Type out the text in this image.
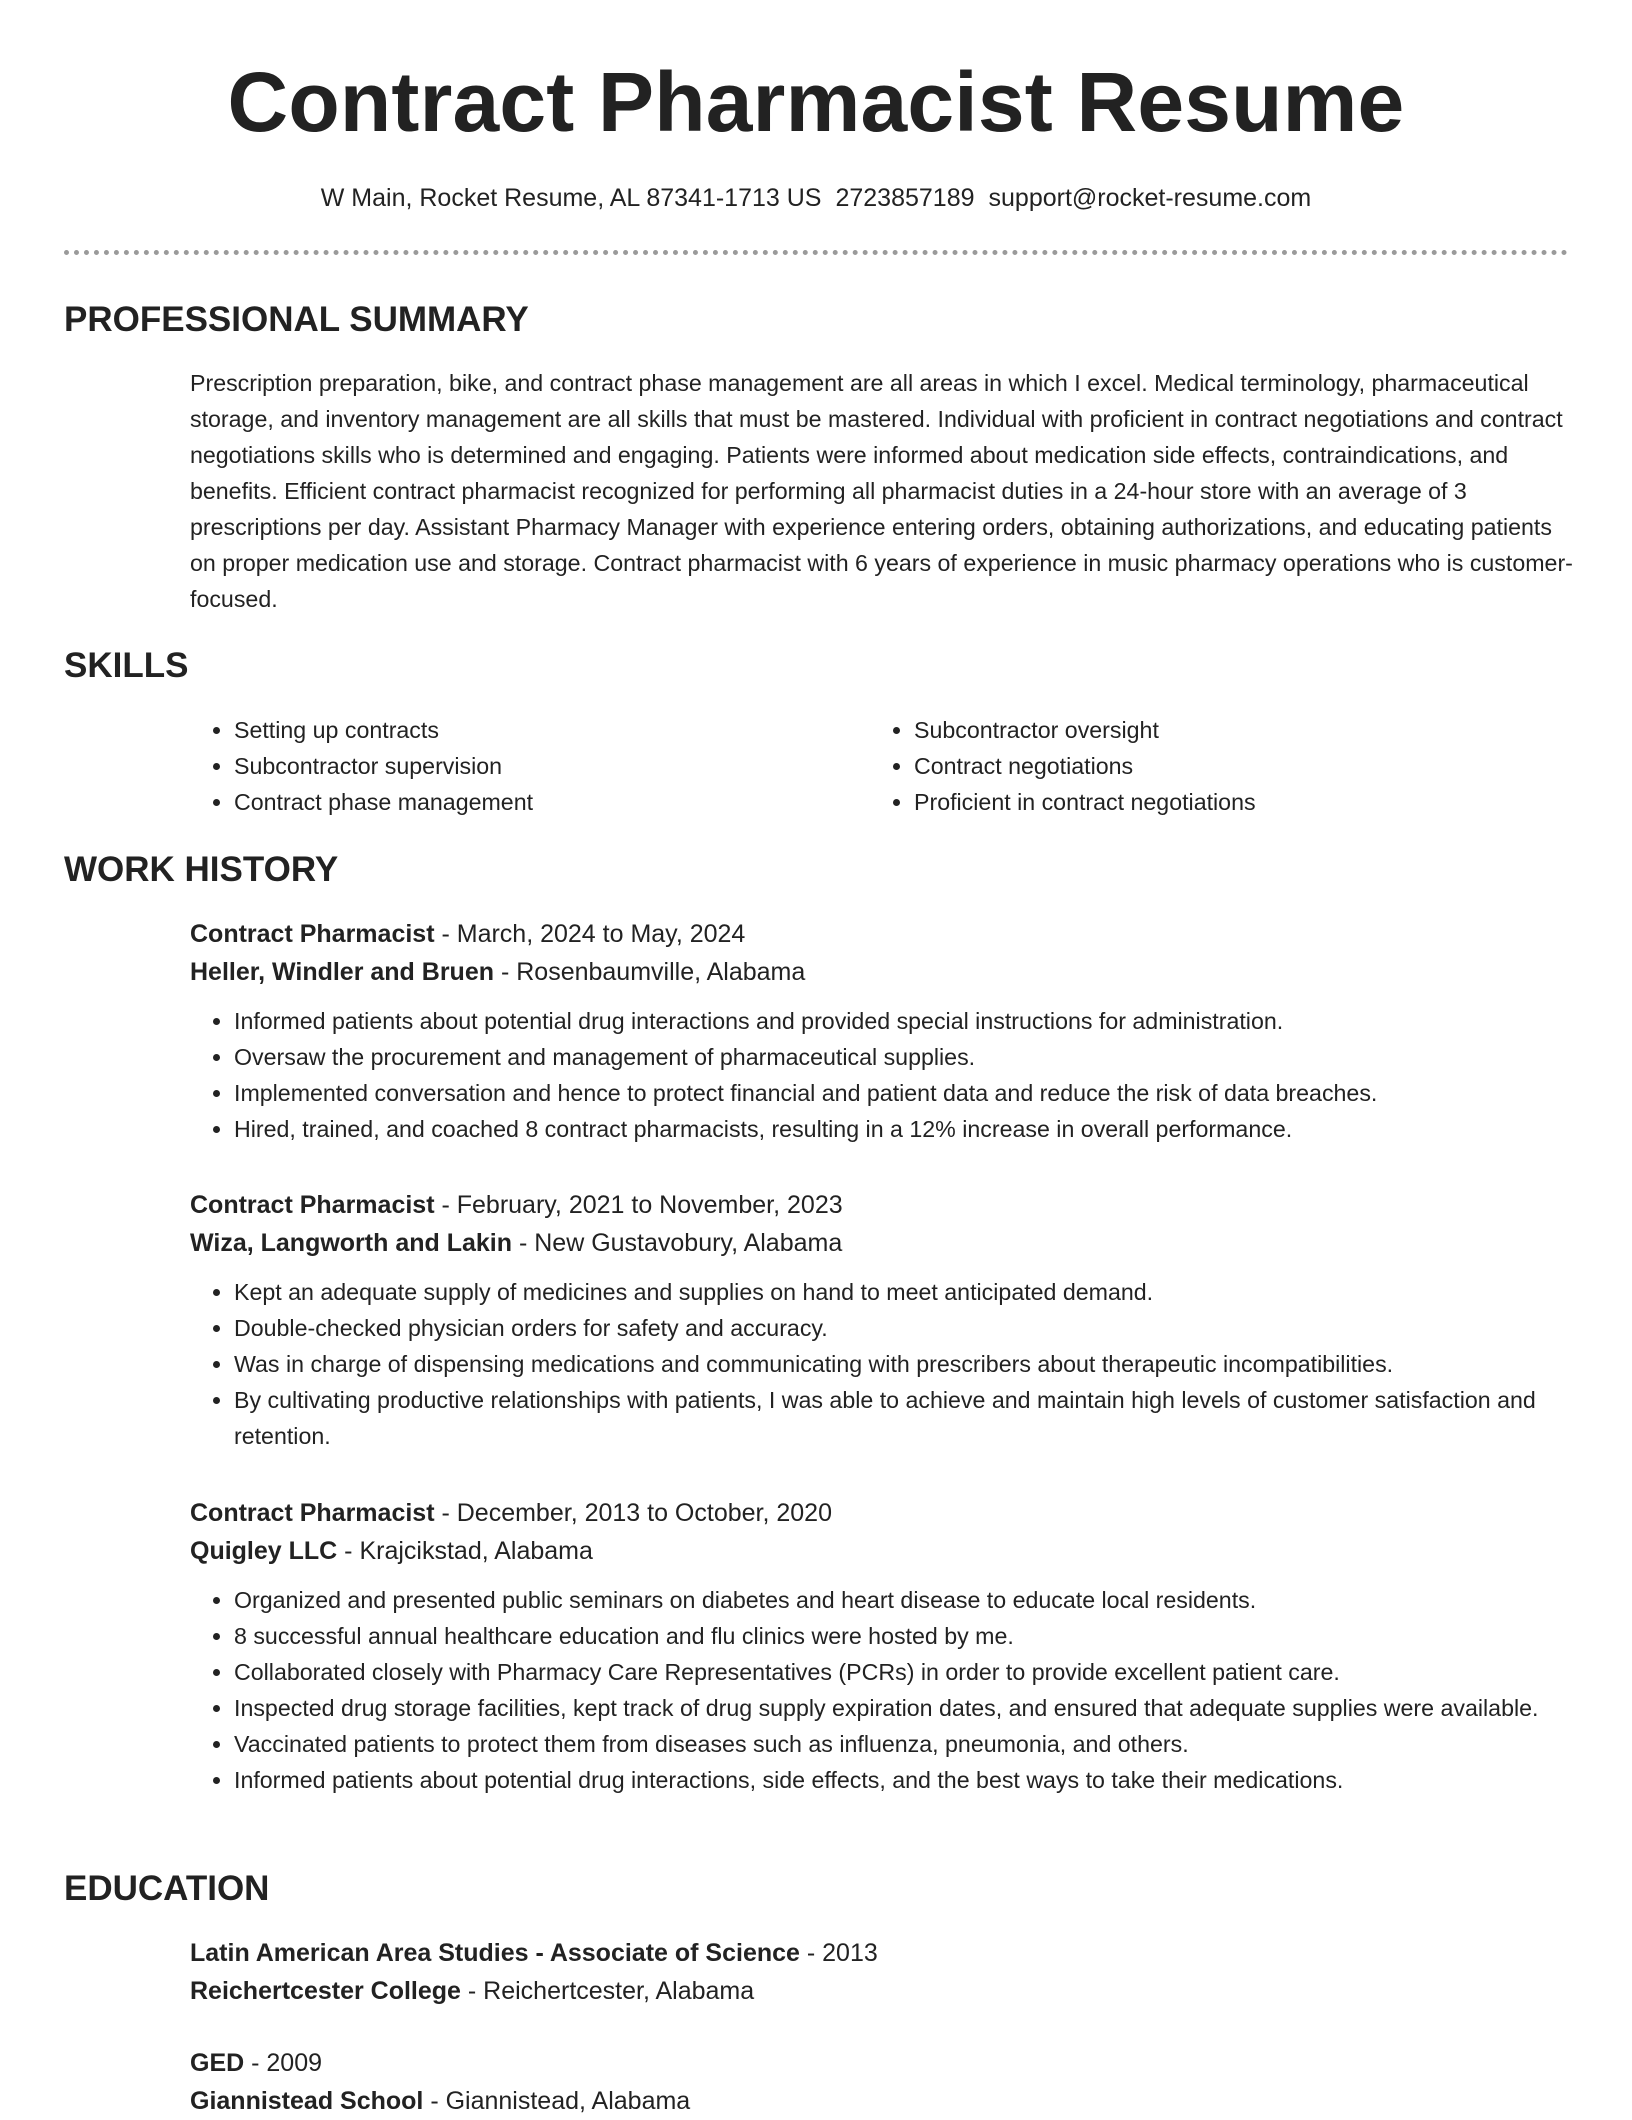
Contract Pharmacist Resume
W Main, Rocket Resume, AL 87341-1713 US 2723857189 support@rocket-resume.com
PROFESSIONAL SUMMARY

Prescription preparation, bike, and contract phase management are all areas in which I excel. Medical terminology, pharmaceutical storage, and inventory management are all skills that must be mastered. Individual with proficient in contract negotiations and contract negotiations skills who is determined and engaging. Patients were informed about medication side effects, contraindications, and benefits. Efficient contract pharmacist recognized for performing all pharmacist duties in a 24-hour store with an average of 3 prescriptions per day. Assistant Pharmacy Manager with experience entering orders, obtaining authorizations, and educating patients on proper medication use and storage. Contract pharmacist with 6 years of experience in music pharmacy operations who is customer-focused.

SKILLS
• Setting up contracts
• Subcontractor supervision
• Contract phase management
• Subcontractor oversight
• Contract negotiations
• Proficient in contract negotiations
WORK HISTORY

Contract Pharmacist - March, 2024 to May, 2024

Heller, Windler and Bruen - Rosenbaumville, Alabama

• Informed patients about potential drug interactions and provided special instructions for administration.
• Oversaw the procurement and management of pharmaceutical supplies.
• Implemented conversation and hence to protect financial and patient data and reduce the risk of data breaches.
• Hired, trained, and coached 8 contract pharmacists, resulting in a 12% increase in overall performance.

Contract Pharmacist - February, 2021 to November, 2023

Wiza, Langworth and Lakin - New Gustavobury, Alabama

• Kept an adequate supply of medicines and supplies on hand to meet anticipated demand.
• Double-checked physician orders for safety and accuracy.
• Was in charge of dispensing medications and communicating with prescribers about therapeutic incompatibilities.
• By cultivating productive relationships with patients, I was able to achieve and maintain high levels of customer satisfaction and retention.

Contract Pharmacist - December, 2013 to October, 2020

Quigley LLC - Krajcikstad, Alabama

• Organized and presented public seminars on diabetes and heart disease to educate local residents.
• 8 successful annual healthcare education and flu clinics were hosted by me.
• Collaborated closely with Pharmacy Care Representatives (PCRs) in order to provide excellent patient care.
• Inspected drug storage facilities, kept track of drug supply expiration dates, and ensured that adequate supplies were available.
• Vaccinated patients to protect them from diseases such as influenza, pneumonia, and others.
• Informed patients about potential drug interactions, side effects, and the best ways to take their medications.
EDUCATION

Latin American Area Studies - Associate of Science - 2013

Reichertcester College - Reichertcester, Alabama

GED - 2009

Giannistead School - Giannistead, Alabama
